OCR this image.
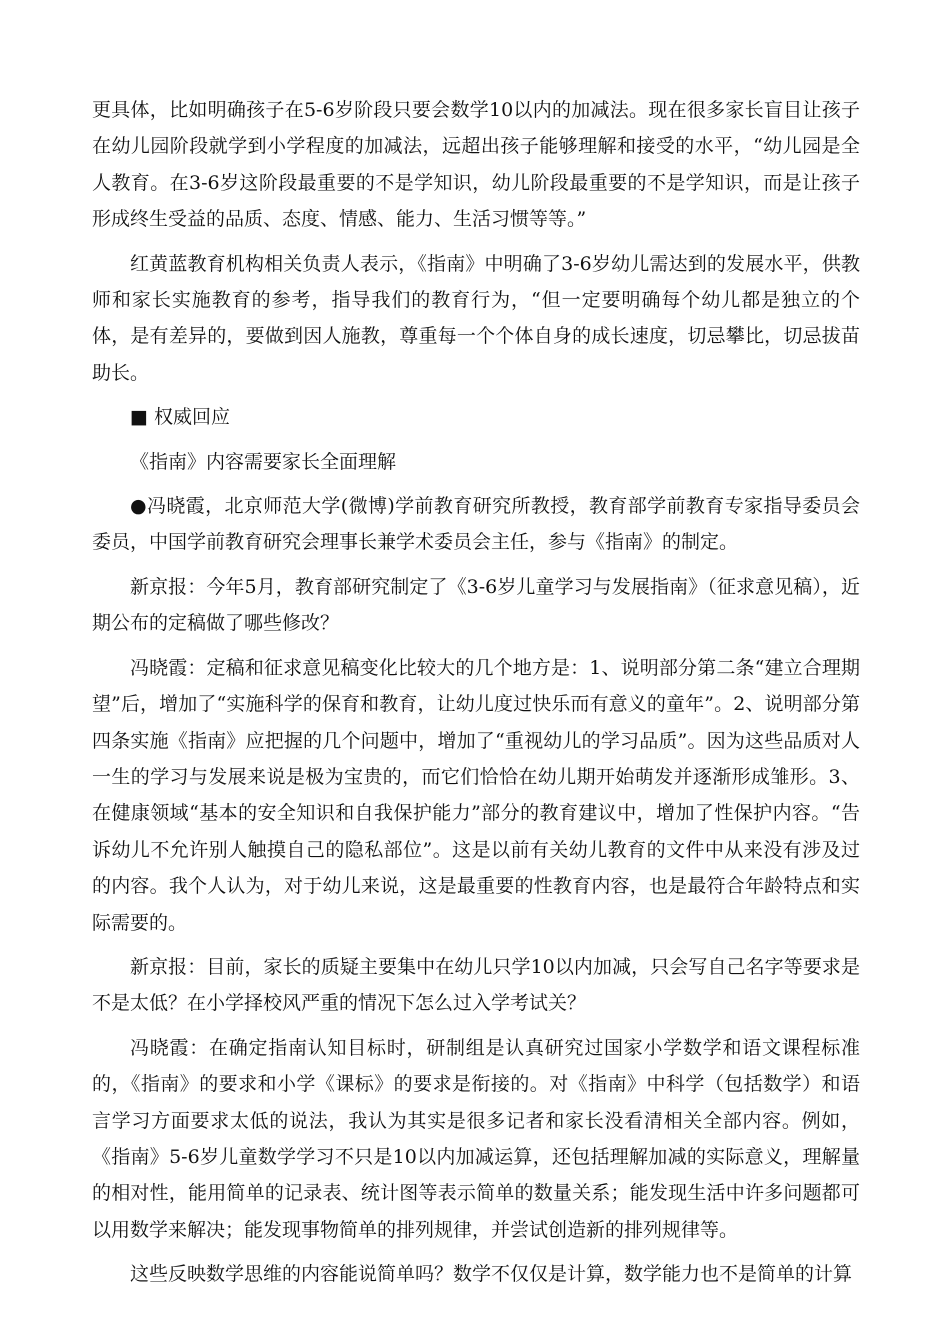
更具体，比如明确孩子在5-6岁阶段只要会数学10以内的加减法。现在很多家长盲目让孩子在幼儿园阶段就学到小学程度的加减法，远超出孩子能够理解和接受的水平，“幼儿园是全人教育。在3-6岁这阶段最重要的不是学知识，幼儿阶段最重要的不是学知识，而是让孩子形成终生受益的品质、态度、情感、能力、生活习惯等等。”

红黄蓝教育机构相关负责人表示，《指南》中明确了3-6岁幼儿需达到的发展水平，供教师和家长实施教育的参考，指导我们的教育行为，“但一定要明确每个幼儿都是独立的个体，是有差异的，要做到因人施教，尊重每一个个体自身的成长速度，切忌攀比，切忌拔苗助长。

■ 权威回应

《指南》内容需要家长全面理解

●冯晓霞，北京师范大学(微博)学前教育研究所教授，教育部学前教育专家指导委员会委员，中国学前教育研究会理事长兼学术委员会主任，参与《指南》的制定。

新京报：今年5月，教育部研究制定了《3-6岁儿童学习与发展指南》（征求意见稿），近期公布的定稿做了哪些修改？

冯晓霞：定稿和征求意见稿变化比较大的几个地方是：1、说明部分第二条“建立合理期望”后，增加了“实施科学的保育和教育，让幼儿度过快乐而有意义的童年”。2、说明部分第四条实施《指南》应把握的几个问题中，增加了“重视幼儿的学习品质”。因为这些品质对人一生的学习与发展来说是极为宝贵的，而它们恰恰在幼儿期开始萌发并逐渐形成雏形。3、在健康领域“基本的安全知识和自我保护能力”部分的教育建议中，增加了性保护内容。“告诉幼儿不允许别人触摸自己的隐私部位”。这是以前有关幼儿教育的文件中从来没有涉及过的内容。我个人认为，对于幼儿来说，这是最重要的性教育内容，也是最符合年龄特点和实际需要的。

新京报：目前，家长的质疑主要集中在幼儿只学10以内加减，只会写自己名字等要求是不是太低？在小学择校风严重的情况下怎么过入学考试关？

冯晓霞：在确定指南认知目标时，研制组是认真研究过国家小学数学和语文课程标准的，《指南》的要求和小学《课标》的要求是衔接的。对《指南》中科学（包括数学）和语言学习方面要求太低的说法，我认为其实是很多记者和家长没看清相关全部内容。例如，《指南》5-6岁儿童数学学习不只是10以内加减运算，还包括理解加减的实际意义，理解量的相对性，能用简单的记录表、统计图等表示简单的数量关系；能发现生活中许多问题都可以用数学来解决；能发现事物简单的排列规律，并尝试创造新的排列规律等。

这些反映数学思维的内容能说简单吗？数学不仅仅是计算，数学能力也不是简单的计算
